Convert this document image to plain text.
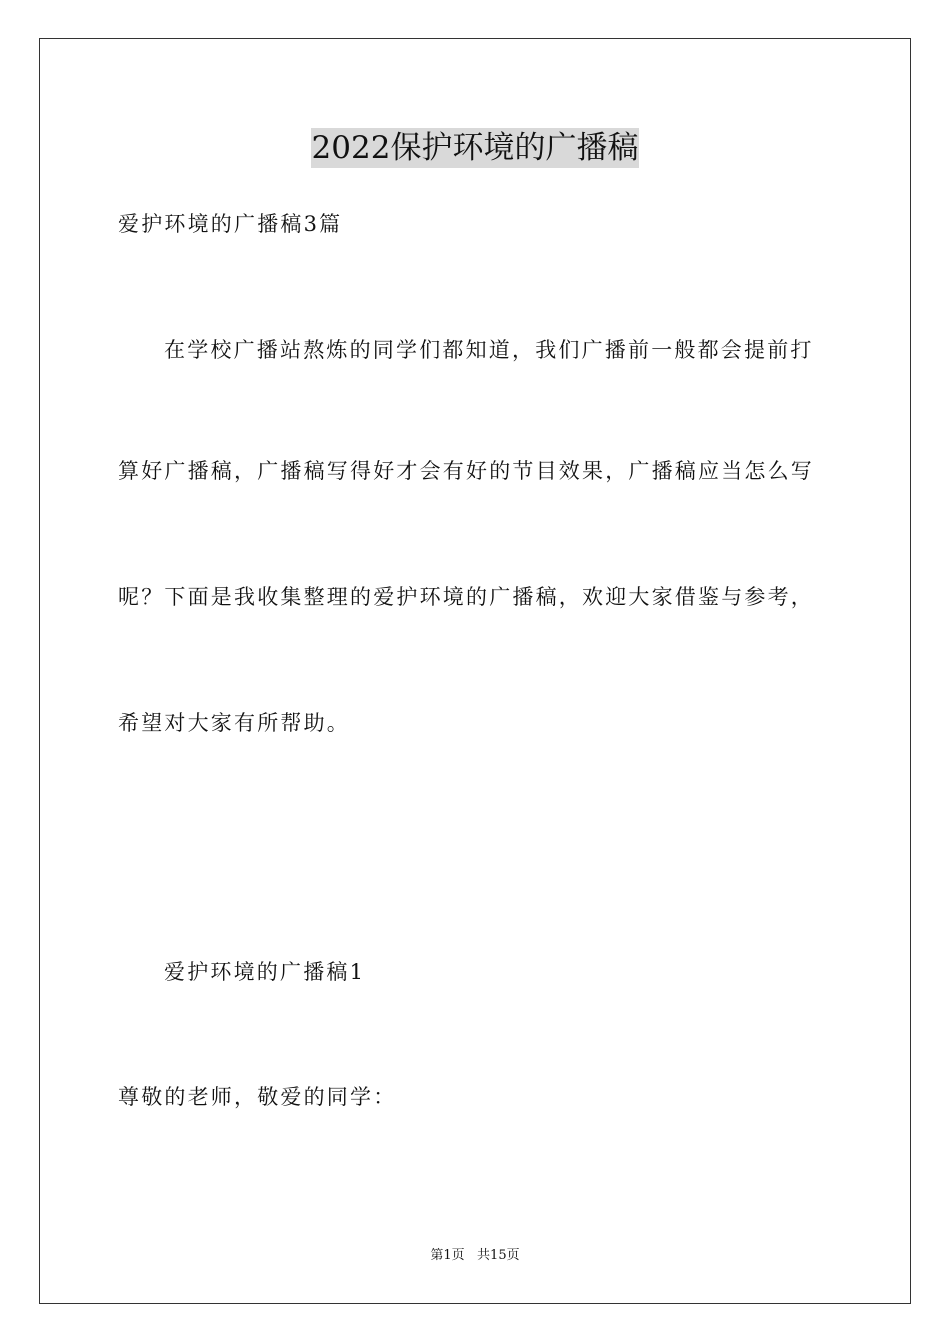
2022保护环境的广播稿
爱护环境的广播稿3篇
在学校广播站熬炼的同学们都知道，我们广播前一般都会提前打
算好广播稿，广播稿写得好才会有好的节目效果，广播稿应当怎么写
呢？下面是我收集整理的爱护环境的广播稿，欢迎大家借鉴与参考，
希望对大家有所帮助。
爱护环境的广播稿1
尊敬的老师，敬爱的同学：
第1页   共15页
